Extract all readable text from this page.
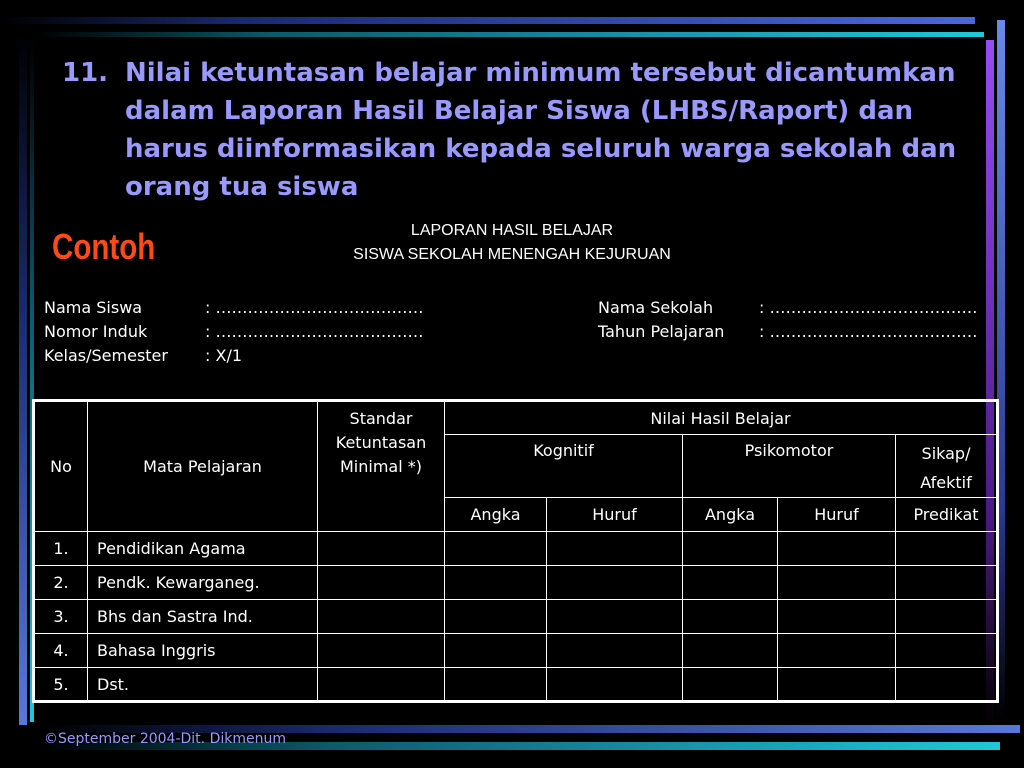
11. Nilai ketuntasan belajar minimum tersebut dicantumkan dalam Laporan Hasil Belajar Siswa (LHBS/Raport) dan harus diinformasikan kepada seluruh warga sekolah dan orang tua siswa
Contoh	LAPORAN HASIL BELAJAR
SISWA SEKOLAH MENENGAH KEJURUAN
Nama Siswa	: …………………………………
Nomor Induk	: …………………………………
Kelas/Semester : X/1
Nama Sekolah	: …………………………………
Tahun Pelajaran : …………………………………
No	Mata Pelajaran	Standar Ketuntasan Minimal *)	Nilai Hasil Belajar				
			Kognitif		Psikomotor		Sikap/ Afektif
			Angka	Huruf	Angka	Huruf	Predikat
1.	Pendidikan Agama						
2.	Pendk. Kewarganeg.						
3.	Bhs dan Sastra Ind.						
4.	Bahasa Inggris						
5.	Dst.						
©September 2004-Dit. Dikmenum
